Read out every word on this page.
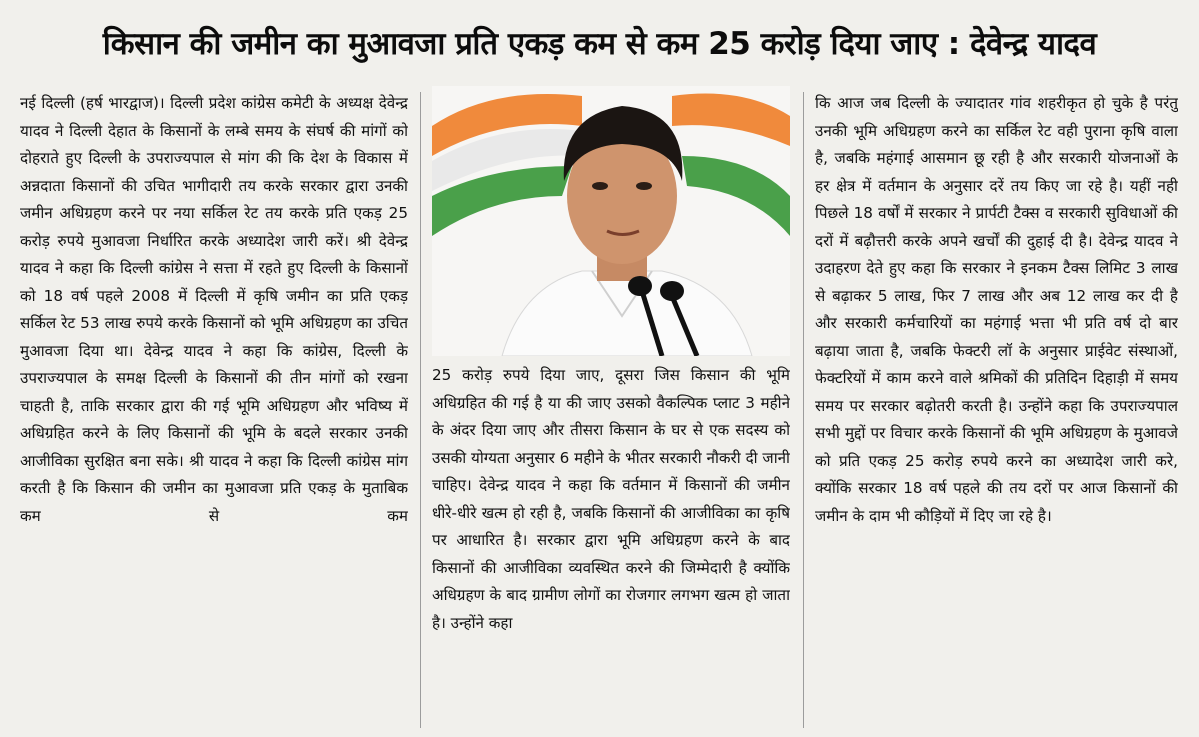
किसान की जमीन का मुआवजा प्रति एकड़ कम से कम 25 करोड़ दिया जाए : देवेन्द्र यादव

नई दिल्ली (हर्ष भारद्वाज)। दिल्ली प्रदेश कांग्रेस कमेटी के अध्यक्ष देवेन्द्र यादव ने दिल्ली देहात के किसानों के लम्बे समय के संघर्ष की मांगों को दोहराते हुए दिल्ली के उपराज्यपाल से मांग की कि देश के विकास में अन्नदाता किसानों की उचित भागीदारी तय करके सरकार द्वारा उनकी जमीन अधिग्रहण करने पर नया सर्किल रेट तय करके प्रति एकड़ 25 करोड़ रुपये मुआवजा निर्धारित करके अध्यादेश जारी करें। श्री देवेन्द्र यादव ने कहा कि दिल्ली कांग्रेस ने सत्ता में रहते हुए दिल्ली के किसानों को 18 वर्ष पहले 2008 में दिल्ली में कृषि जमीन का प्रति एकड़ सर्किल रेट 53 लाख रुपये करके किसानों को भूमि अधिग्रहण का उचित मुआवजा दिया था। देवेन्द्र यादव ने कहा कि कांग्रेस, दिल्ली के उपराज्यपाल के समक्ष दिल्ली के किसानों की तीन मांगों को रखना चाहती है, ताकि सरकार द्वारा की गई भूमि अधिग्रहण और भविष्य में अधिग्रहित करने के लिए किसानों की भूमि के बदले सरकार उनकी आजीविका सुरक्षित बना सके। श्री यादव ने कहा कि दिल्ली कांग्रेस मांग करती है कि किसान की जमीन का मुआवजा प्रति एकड़ के मुताबिक कम से कम

25 करोड़ रुपये दिया जाए, दूसरा जिस किसान की भूमि अधिग्रहित की गई है या की जाए उसको वैकल्पिक प्लाट 3 महीने के अंदर दिया जाए और तीसरा किसान के घर से एक सदस्य को उसकी योग्यता अनुसार 6 महीने के भीतर सरकारी नौकरी दी जानी चाहिए। देवेन्द्र यादव ने कहा कि वर्तमान में किसानों की जमीन धीरे-धीरे खत्म हो रही है, जबकि किसानों की आजीविका का कृषि पर आधारित है। सरकार द्वारा भूमि अधिग्रहण करने के बाद किसानों की आजीविका व्यवस्थित करने की जिम्मेदारी है क्योंकि अधिग्रहण के बाद ग्रामीण लोगों का रोजगार लगभग खत्म हो जाता है। उन्होंने कहा

कि आज जब दिल्ली के ज्यादातर गांव शहरीकृत हो चुके है परंतु उनकी भूमि अधिग्रहण करने का सर्किल रेट वही पुराना कृषि वाला है, जबकि महंगाई आसमान छू रही है और सरकारी योजनाओं के हर क्षेत्र में वर्तमान के अनुसार दरें तय किए जा रहे है। यहीं नही पिछले 18 वर्षों में सरकार ने प्रार्पटी टैक्स व सरकारी सुविधाओं की दरों में बढ़ौत्तरी करके अपने खर्चों की दुहाई दी है। देवेन्द्र यादव ने उदाहरण देते हुए कहा कि सरकार ने इनकम टैक्स लिमिट 3 लाख से बढ़ाकर 5 लाख, फिर 7 लाख और अब 12 लाख कर दी है और सरकारी कर्मचारियों का महंगाई भत्ता भी प्रति वर्ष दो बार बढ़ाया जाता है, जबकि फेक्टरी लॉ के अनुसार प्राईवेट संस्थाओं, फेक्टरियों में काम करने वाले श्रमिकों की प्रतिदिन दिहाड़ी में समय समय पर सरकार बढ़ोतरी करती है। उन्होंने कहा कि उपराज्यपाल सभी मुद्दों पर विचार करके किसानों की भूमि अधिग्रहण के मुआवजे को प्रति एकड़ 25 करोड़ रुपये करने का अध्यादेश जारी करे, क्योंकि सरकार 18 वर्ष पहले की तय दरों पर आज किसानों की जमीन के दाम भी कौड़ियों में दिए जा रहे है।
